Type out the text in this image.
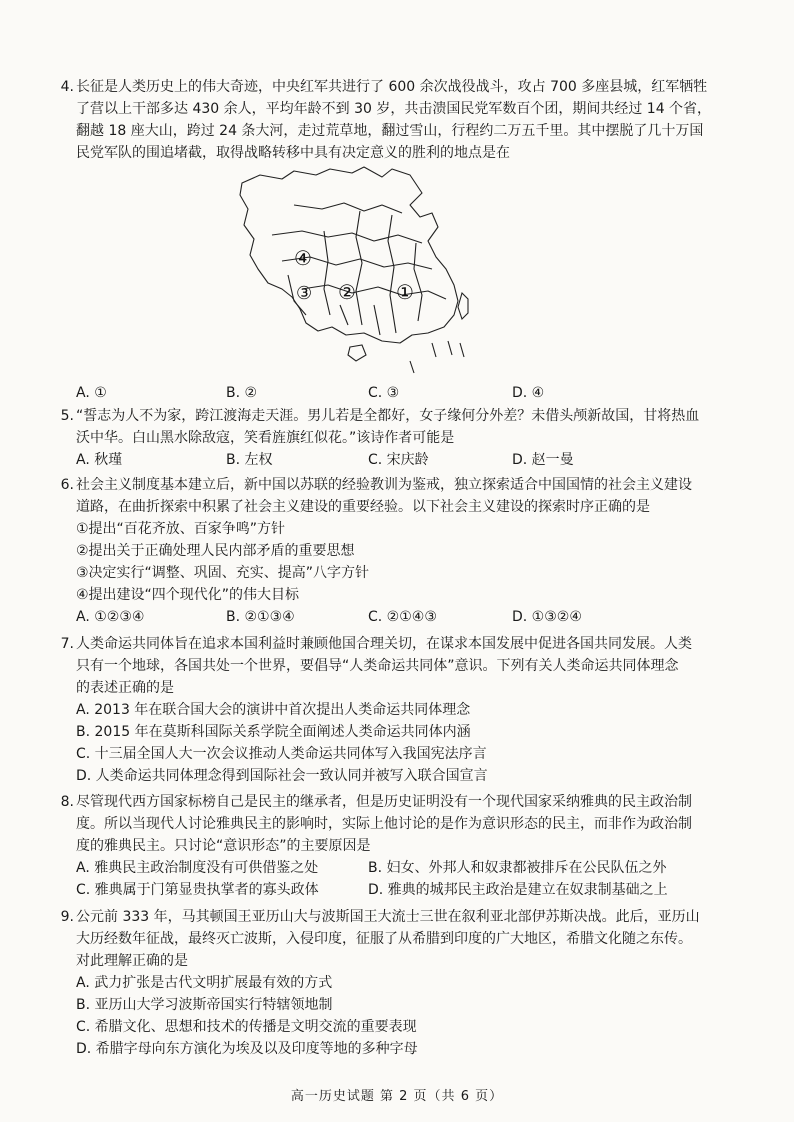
4. 长征是人类历史上的伟大奇迹，中央红军共进行了 600 余次战役战斗，攻占 700 多座县城，红军牺牲
了营以上干部多达 430 余人，平均年龄不到 30 岁，共击溃国民党军数百个团，期间共经过 14 个省，
翻越 18 座大山，跨过 24 条大河，走过荒草地，翻过雪山，行程约二万五千里。其中摆脱了几十万国
民党军队的围追堵截，取得战略转移中具有决定意义的胜利的地点是在
④
③ ② ①
A. ①	B. ②	C. ③	D. ④
5. “誓志为人不为家，跨江渡海走天涯。男儿若是全都好，女子缘何分外差？未借头颅新故国，甘将热血
沃中华。白山黑水除敌寇，笑看旌旗红似花。”该诗作者可能是
A. 秋瑾	B. 左权	C. 宋庆龄	D. 赵一曼
6. 社会主义制度基本建立后，新中国以苏联的经验教训为鉴戒，独立探索适合中国国情的社会主义建设
道路，在曲折探索中积累了社会主义建设的重要经验。以下社会主义建设的探索时序正确的是
①提出“百花齐放、百家争鸣”方针
②提出关于正确处理人民内部矛盾的重要思想
③决定实行“调整、巩固、充实、提高”八字方针
④提出建设“四个现代化”的伟大目标
A. ①②③④	B. ②①③④	C. ②①④③	D. ①③②④
7. 人类命运共同体旨在追求本国利益时兼顾他国合理关切，在谋求本国发展中促进各国共同发展。人类
只有一个地球，各国共处一个世界，要倡导“人类命运共同体”意识。下列有关人类命运共同体理念
的表述正确的是
A. 2013 年在联合国大会的演讲中首次提出人类命运共同体理念
B. 2015 年在莫斯科国际关系学院全面阐述人类命运共同体内涵
C. 十三届全国人大一次会议推动人类命运共同体写入我国宪法序言
D. 人类命运共同体理念得到国际社会一致认同并被写入联合国宣言
8. 尽管现代西方国家标榜自己是民主的继承者，但是历史证明没有一个现代国家采纳雅典的民主政治制
度。所以当现代人讨论雅典民主的影响时，实际上他讨论的是作为意识形态的民主，而非作为政治制
度的雅典民主。只讨论“意识形态”的主要原因是
A. 雅典民主政治制度没有可供借鉴之处	B. 妇女、外邦人和奴隶都被排斥在公民队伍之外
C. 雅典属于门第显贵执掌者的寡头政体	D. 雅典的城邦民主政治是建立在奴隶制基础之上
9. 公元前 333 年，马其顿国王亚历山大与波斯国王大流士三世在叙利亚北部伊苏斯决战。此后，亚历山
大历经数年征战，最终灭亡波斯，入侵印度，征服了从希腊到印度的广大地区，希腊文化随之东传。
对此理解正确的是
A. 武力扩张是古代文明扩展最有效的方式
B. 亚历山大学习波斯帝国实行特辖领地制
C. 希腊文化、思想和技术的传播是文明交流的重要表现
D. 希腊字母向东方演化为埃及以及印度等地的多种字母
高一历史试题 第 2 页（共 6 页）
